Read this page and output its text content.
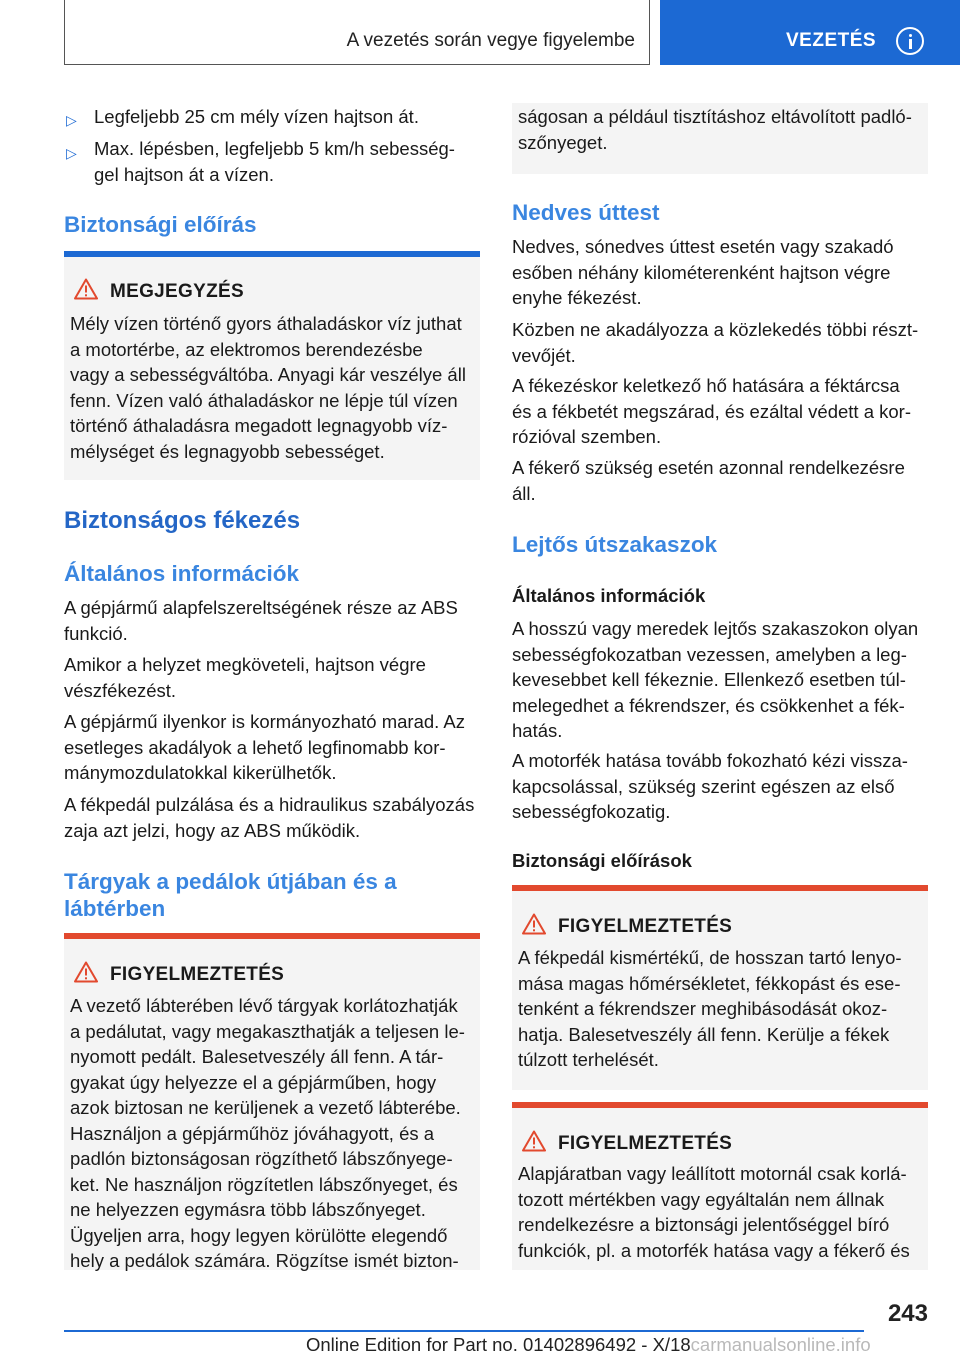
A vezetés során vegye figyelembe	VEZETÉS
▷ Legfeljebb 25 cm mély vízen hajtson át.
▷ Max. lépésben, legfeljebb 5 km/h sebesség-
gel hajtson át a vízen.
Biztonsági előírás
MEGJEGYZÉS
Mély vízen történő gyors áthaladáskor víz juthat
a motortérbe, az elektromos berendezésbe
vagy a sebességváltóba. Anyagi kár veszélye áll
fenn. Vízen való áthaladáskor ne lépje túl vízen
történő áthaladásra megadott legnagyobb víz-
mélységet és legnagyobb sebességet.
Biztonságos fékezés
Általános információk
A gépjármű alapfelszereltségének része az ABS
funkció.
Amikor a helyzet megköveteli, hajtson végre
vészfékezést.
A gépjármű ilyenkor is kormányozható marad. Az
esetleges akadályok a lehető legfinomabb kor-
mánymozdulatokkal kikerülhetők.
A fékpedál pulzálása és a hidraulikus szabályozás
zaja azt jelzi, hogy az ABS működik.
Tárgyak a pedálok útjában és a
lábtérben
FIGYELMEZTETÉS
A vezető lábterében lévő tárgyak korlátozhatják
a pedálutat, vagy megakaszthatják a teljesen le-
nyomott pedált. Balesetveszély áll fenn. A tár-
gyakat úgy helyezze el a gépjárműben, hogy
azok biztosan ne kerüljenek a vezető lábterébe.
Használjon a gépjárműhöz jóváhagyott, és a
padlón biztonságosan rögzíthető lábszőnyege-
ket. Ne használjon rögzítetlen lábszőnyeget, és
ne helyezzen egymásra több lábszőnyeget.
Ügyeljen arra, hogy legyen körülötte elegendő
hely a pedálok számára. Rögzítse ismét bizton-
ságosan a például tisztításhoz eltávolított padló-
szőnyeget.
Nedves úttest
Nedves, sónedves úttest esetén vagy szakadó
esőben néhány kilométerenként hajtson végre
enyhe fékezést.
Közben ne akadályozza a közlekedés többi részt-
vevőjét.
A fékezéskor keletkező hő hatására a féktárcsa
és a fékbetét megszárad, és ezáltal védett a kor-
rózióval szemben.
A fékerő szükség esetén azonnal rendelkezésre
áll.
Lejtős útszakaszok
Általános információk
A hosszú vagy meredek lejtős szakaszokon olyan
sebességfokozatban vezessen, amelyben a leg-
kevesebbet kell fékeznie. Ellenkező esetben túl-
melegedhet a fékrendszer, és csökkenhet a fék-
hatás.
A motorfék hatása tovább fokozható kézi vissza-
kapcsolással, szükség szerint egészen az első
sebességfokozatig.
Biztonsági előírások
FIGYELMEZTETÉS
A fékpedál kismértékű, de hosszan tartó lenyo-
mása magas hőmérsékletet, fékkopást és ese-
tenként a fékrendszer meghibásodását okoz-
hatja. Balesetveszély áll fenn. Kerülje a fékek
túlzott terhelését.
FIGYELMEZTETÉS
Alapjáratban vagy leállított motornál csak korlá-
tozott mértékben vagy egyáltalán nem állnak
rendelkezésre a biztonsági jelentőséggel bíró
funkciók, pl. a motorfék hatása vagy a fékerő és
243
Online Edition for Part no. 01402896492 - X/18carmanualsonline.info
